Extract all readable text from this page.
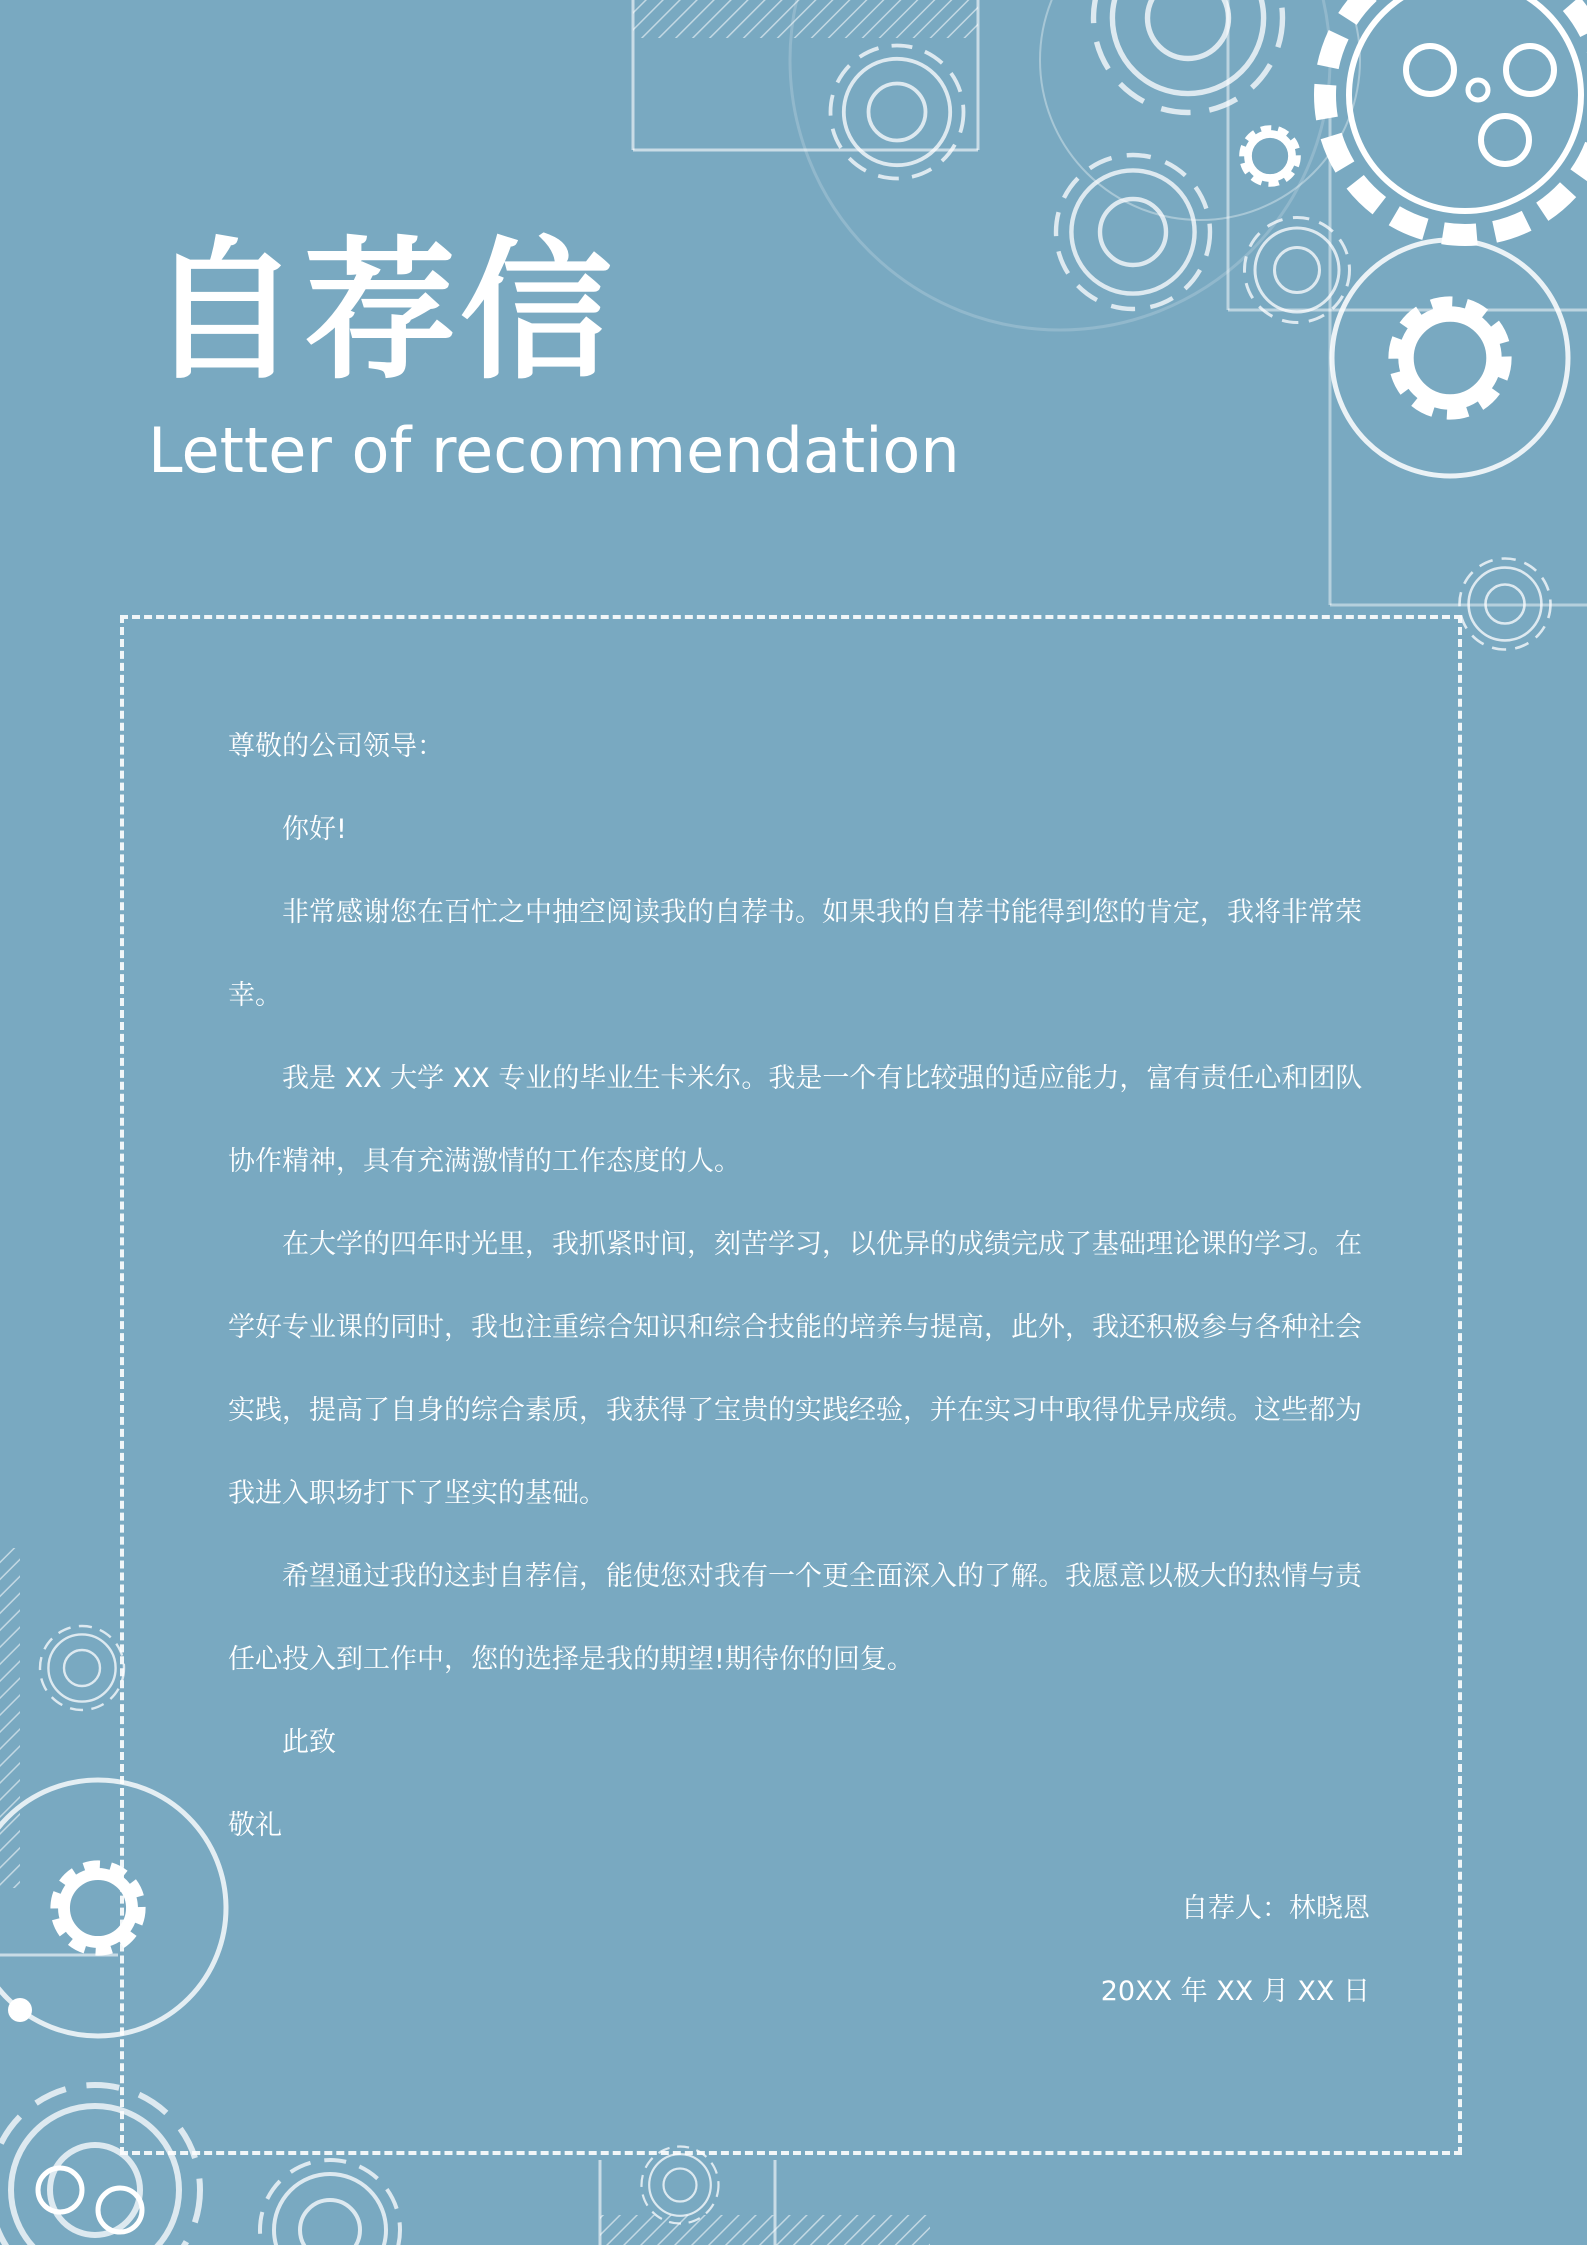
自荐信
Letter of recommendation

尊敬的公司领导：

你好!

非常感谢您在百忙之中抽空阅读我的自荐书。如果我的自荐书能得到您的肯定，我将非常荣幸。

我是 XX 大学 XX 专业的毕业生卡米尔。我是一个有比较强的适应能力，富有责任心和团队协作精神，具有充满激情的工作态度的人。

在大学的四年时光里，我抓紧时间，刻苦学习，以优异的成绩完成了基础理论课的学习。在学好专业课的同时，我也注重综合知识和综合技能的培养与提高，此外，我还积极参与各种社会实践，提高了自身的综合素质，我获得了宝贵的实践经验，并在实习中取得优异成绩。这些都为我进入职场打下了坚实的基础。

希望通过我的这封自荐信，能使您对我有一个更全面深入的了解。我愿意以极大的热情与责任心投入到工作中，您的选择是我的期望!期待你的回复。

此致

敬礼

自荐人：林晓恩

20XX 年 XX 月 XX 日
